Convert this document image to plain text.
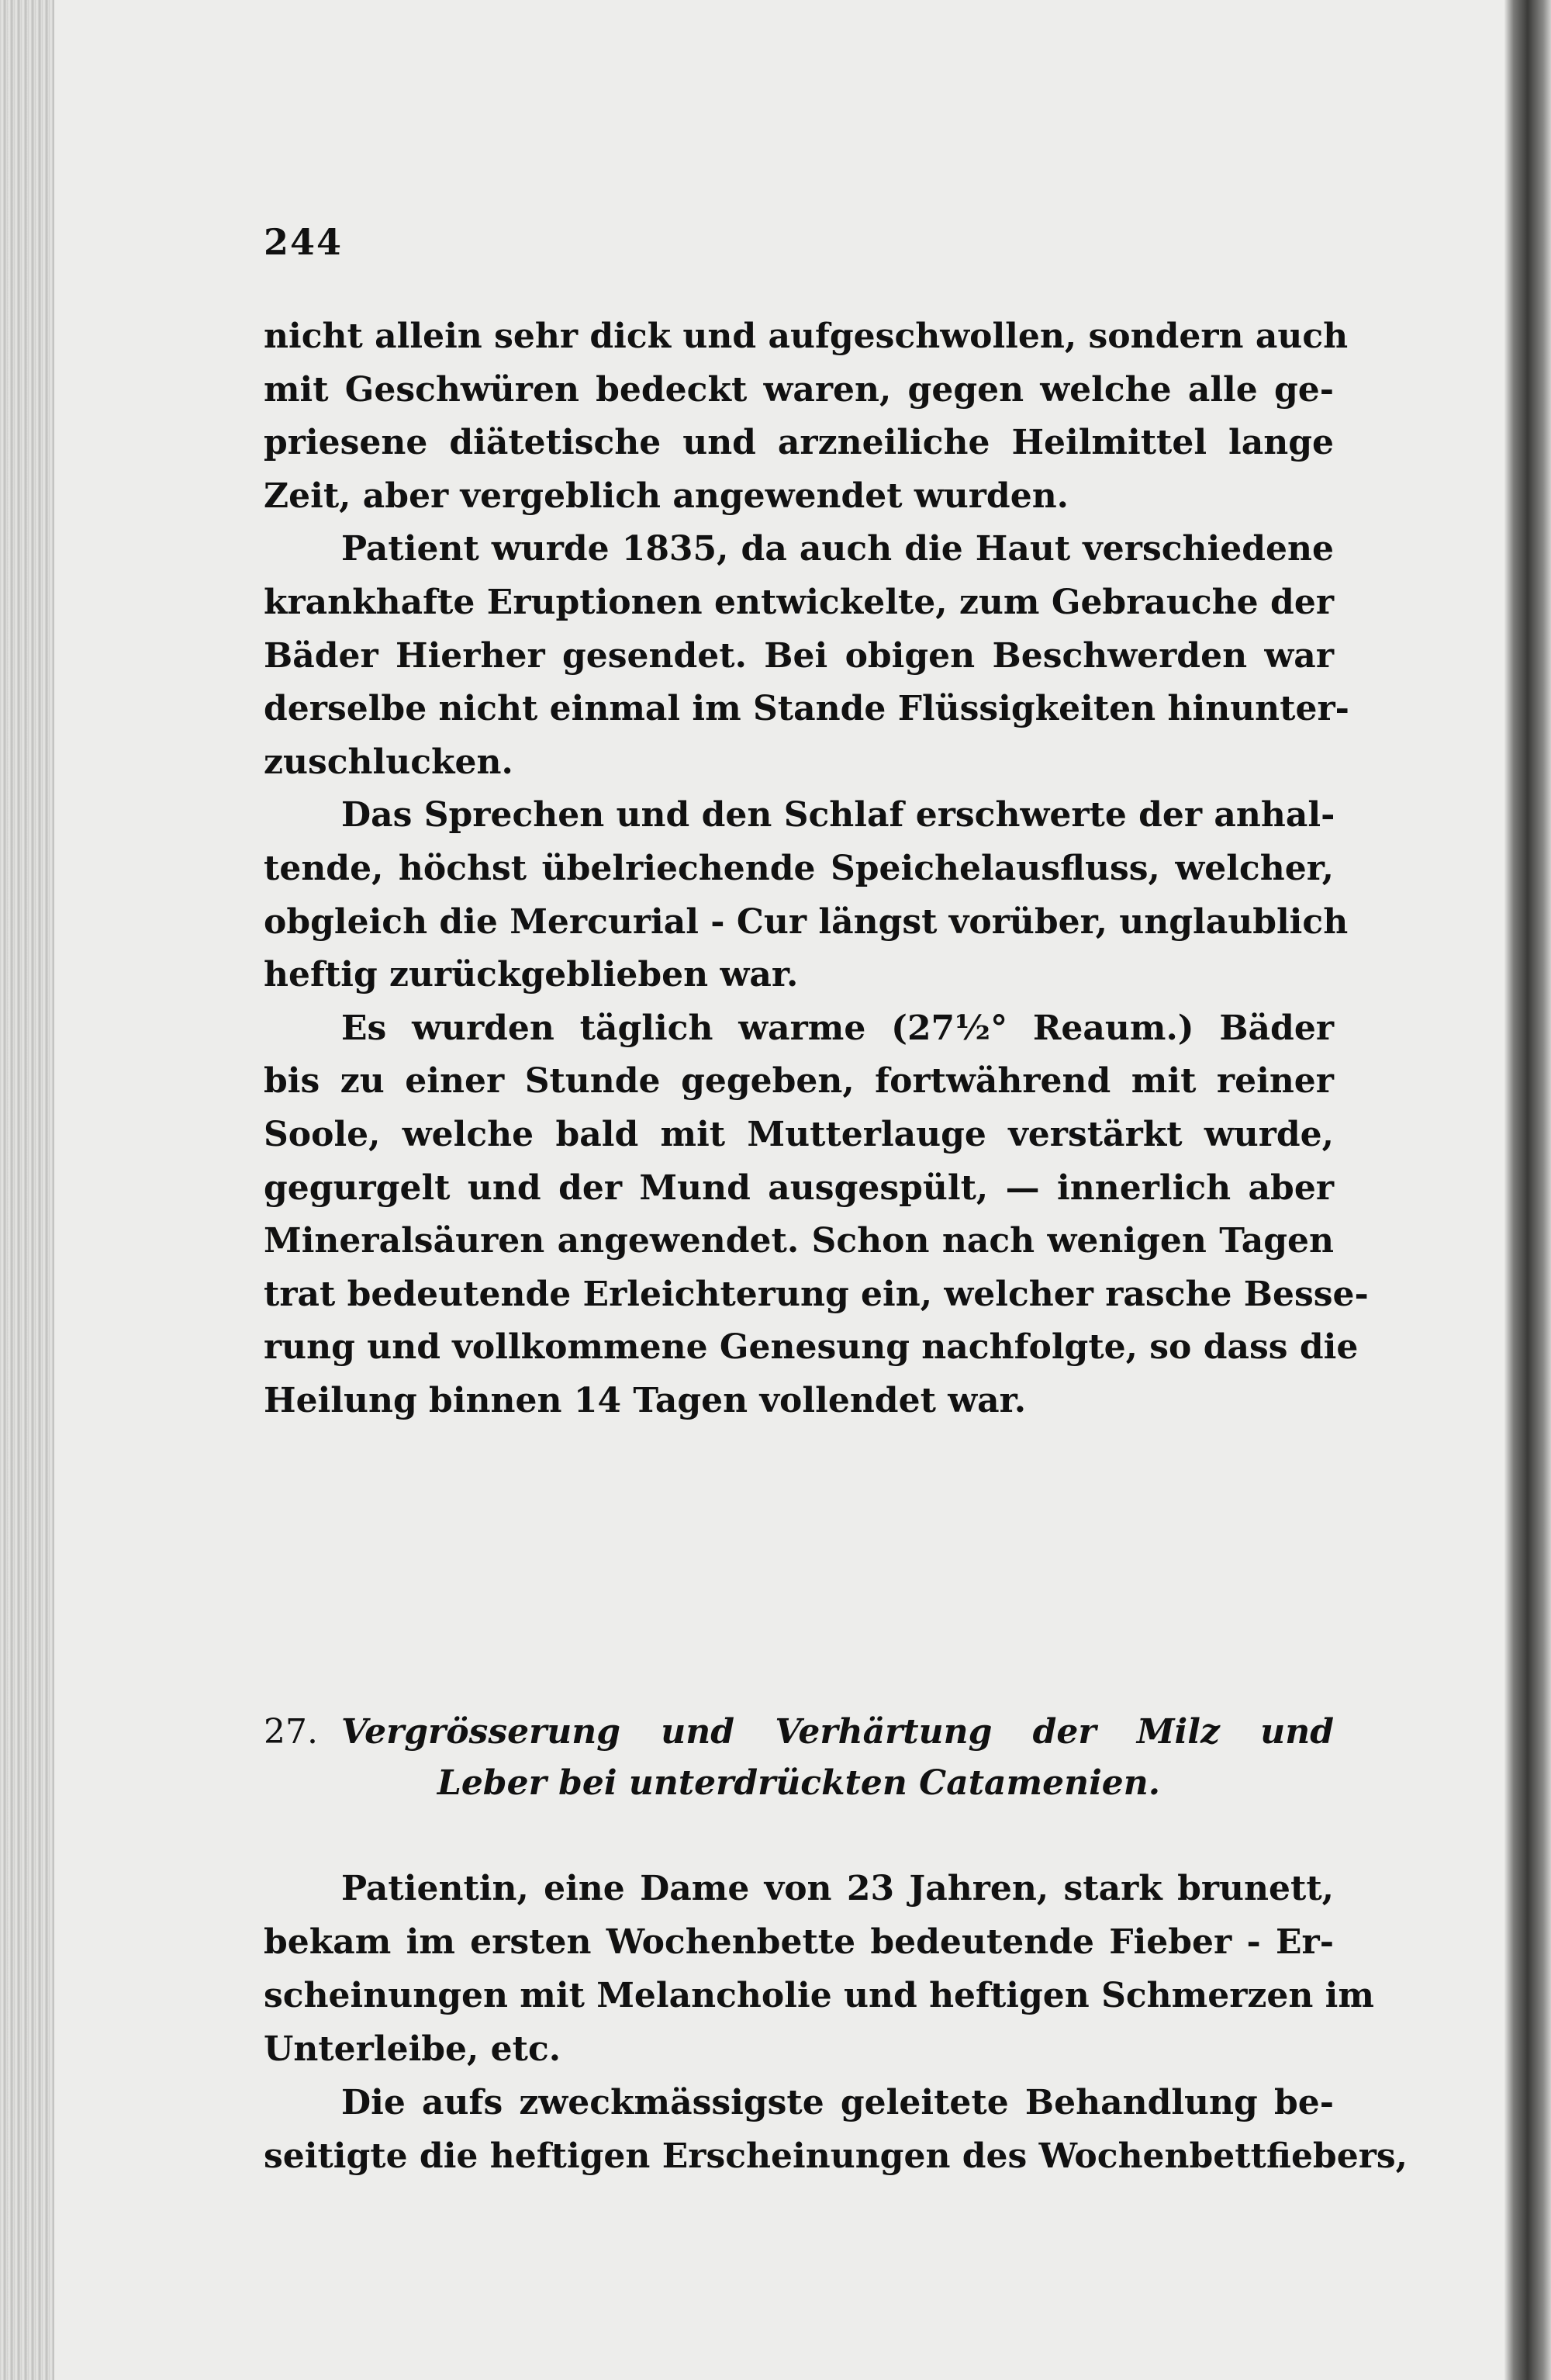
244
nicht allein sehr dick und aufgeschwollen, sondern auch
mit Geschwüren bedeckt waren, gegen welche alle ge-
priesene diätetische und arzneiliche Heilmittel lange
Zeit, aber vergeblich angewendet wurden.
Patient wurde 1835, da auch die Haut verschiedene
krankhafte Eruptionen entwickelte, zum Gebrauche der
Bäder Hierher gesendet. Bei obigen Beschwerden war
derselbe nicht einmal im Stande Flüssigkeiten hinunter-
zuschlucken.
Das Sprechen und den Schlaf erschwerte der anhal-
tende, höchst übelriechende Speichelausfluss, welcher,
obgleich die Mercurial - Cur längst vorüber, unglaublich
heftig zurückgeblieben war.
Es wurden täglich warme (27½° Reaum.) Bäder
bis zu einer Stunde gegeben, fortwährend mit reiner
Soole, welche bald mit Mutterlauge verstärkt wurde,
gegurgelt und der Mund ausgespült, — innerlich aber
Mineralsäuren angewendet. Schon nach wenigen Tagen
trat bedeutende Erleichterung ein, welcher rasche Besse-
rung und vollkommene Genesung nachfolgte, so dass die
Heilung binnen 14 Tagen vollendet war.
27. Vergrösserung und Verhärtung der Milz und
Leber bei unterdrückten Catamenien.
Patientin, eine Dame von 23 Jahren, stark brunett,
bekam im ersten Wochenbette bedeutende Fieber - Er-
scheinungen mit Melancholie und heftigen Schmerzen im
Unterleibe, etc.
Die aufs zweckmässigste geleitete Behandlung be-
seitigte die heftigen Erscheinungen des Wochenbettfiebers,
